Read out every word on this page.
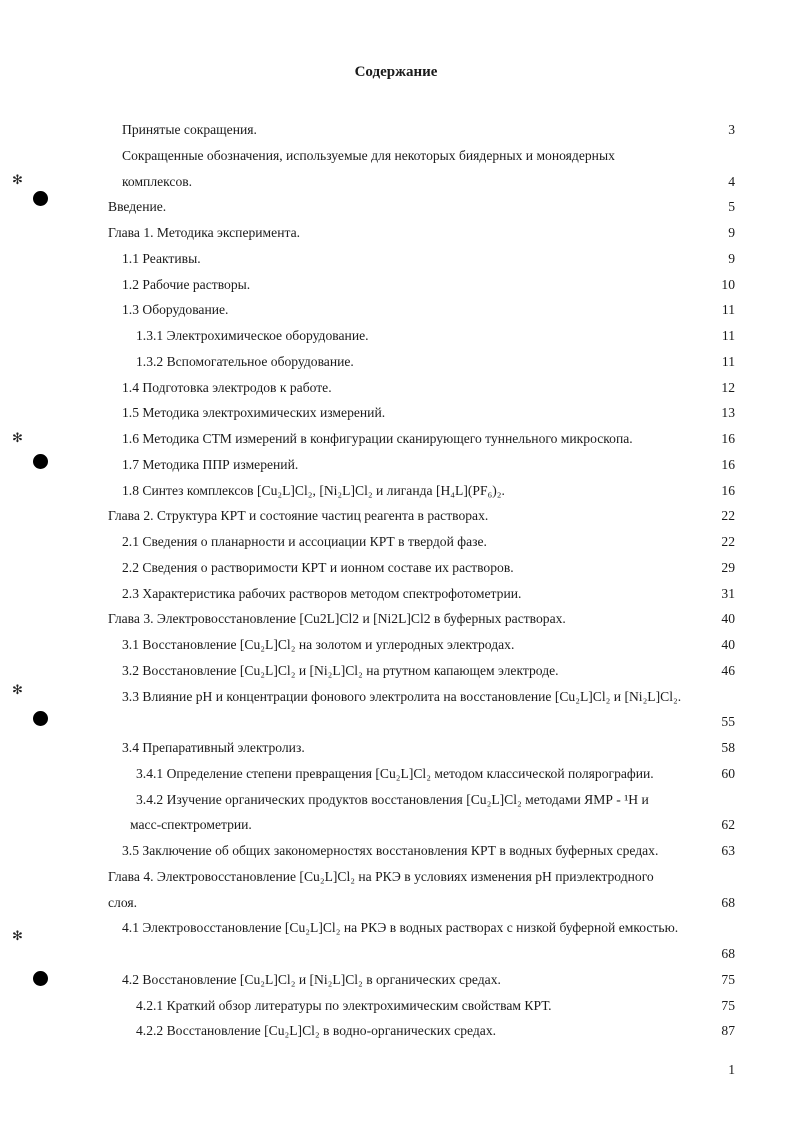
Содержание
Принятые сокращения.	3
Сокращенные обозначения, используемые для некоторых биядерных и моноядерных
комплексов.	4
Введение.	5
Глава 1. Методика эксперимента.	9
1.1 Реактивы.	9
1.2 Рабочие растворы.	10
1.3 Оборудование.	11
1.3.1 Электрохимическое оборудование.	11
1.3.2 Вспомогательное оборудование.	11
1.4 Подготовка электродов к работе.	12
1.5 Методика электрохимических измерений.	13
1.6 Методика СТМ измерений в конфигурации сканирующего туннельного микроскопа.	16
1.7 Методика ППР измерений.	16
1.8 Синтез комплексов [Cu₂L]Cl₂, [Ni₂L]Cl₂ и лиганда [H₄L](PF₆)₂.	16
Глава 2. Структура КРТ и состояние частиц реагента в растворах.	22
2.1 Сведения о планарности и ассоциации КРТ в твердой фазе.	22
2.2 Сведения о растворимости КРТ и ионном составе их растворов.	29
2.3 Характеристика рабочих растворов методом спектрофотометрии.	31
Глава 3. Электровосстановление [Cu2L]Cl2 и [Ni2L]Cl2 в буферных растворах.	40
3.1 Восстановление [Cu₂L]Cl₂ на золотом и углеродных электродах.	40
3.2 Восстановление [Cu₂L]Cl₂ и [Ni₂L]Cl₂ на ртутном капающем электроде.	46
3.3 Влияние pH и концентрации фонового электролита на восстановление [Cu₂L]Cl₂ и [Ni₂L]Cl₂.
55
3.4 Препаративный электролиз.	58
3.4.1 Определение степени превращения [Cu₂L]Cl₂ методом классической полярографии.	60
3.4.2 Изучение органических продуктов восстановления [Cu₂L]Cl₂ методами ЯМР - ¹H и
масс-спектрометрии.	62
3.5 Заключение об общих закономерностях восстановления КРТ в водных буферных средах.	63
Глава 4. Электровосстановление [Cu₂L]Cl₂ на РКЭ в условиях изменения pH приэлектродного
слоя.	68
4.1 Электровосстановление [Cu₂L]Cl₂ на РКЭ в водных растворах с низкой буферной емкостью.
68
4.2 Восстановление [Cu₂L]Cl₂ и [Ni₂L]Cl₂ в органических средах.	75
4.2.1 Краткий обзор литературы по электрохимическим свойствам КРТ.	75
4.2.2 Восстановление [Cu₂L]Cl₂ в водно-органических средах.	87
1
✻
✻
✻
✻
